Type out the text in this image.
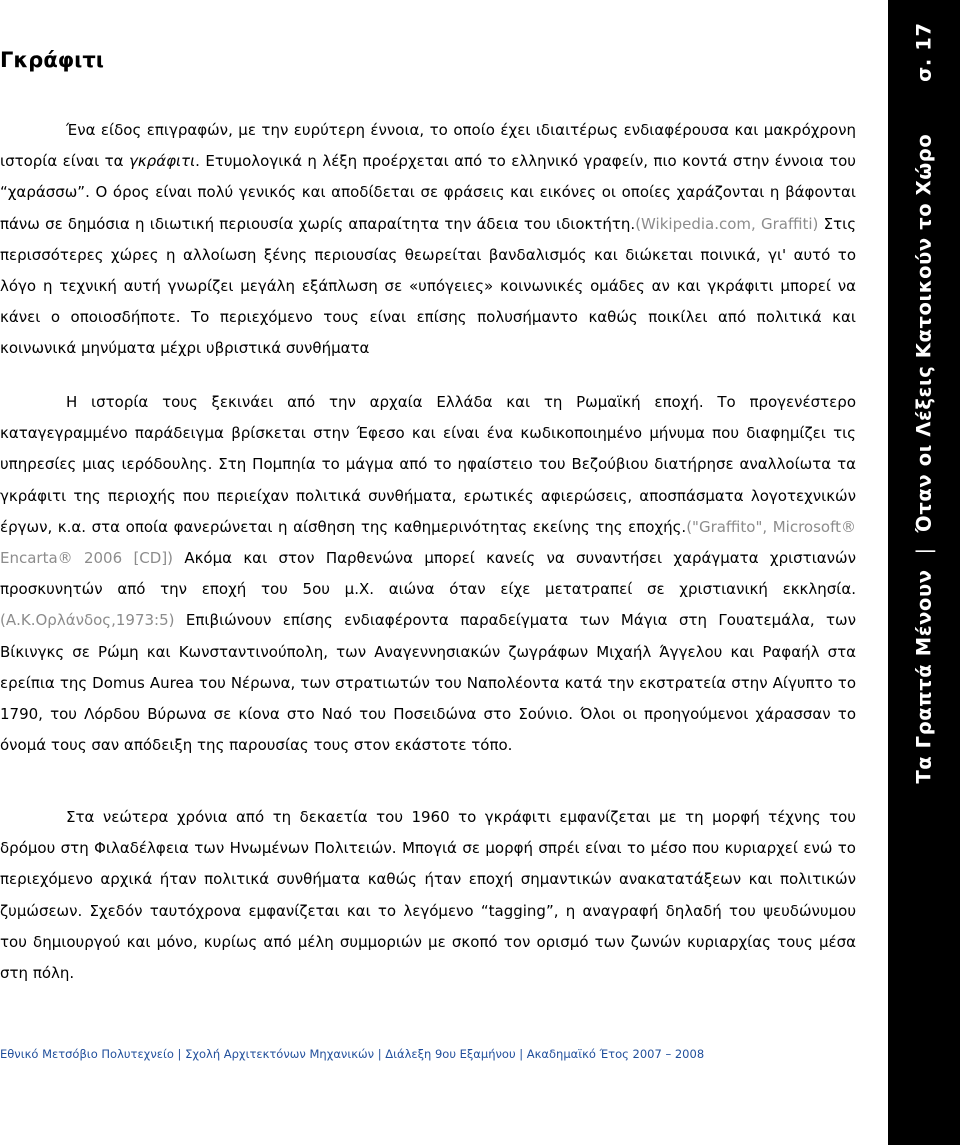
Γκράφιτι

Ένα είδος επιγραφών, με την ευρύτερη έννοια, το οποίο έχει ιδιαιτέρως ενδιαφέρουσα και μακρόχρονη ιστορία είναι τα γκράφιτι. Ετυμολογικά η λέξη προέρχεται από το ελληνικό γραφείν, πιο κοντά στην έννοια του “χαράσσω”. Ο όρος είναι πολύ γενικός και αποδίδεται σε φράσεις και εικόνες οι οποίες χαράζονται η βάφονται πάνω σε δημόσια η ιδιωτική περιουσία χωρίς απαραίτητα την άδεια του ιδιοκτήτη.(Wikipedia.com, Graffiti) Στις περισσότερες χώρες η αλλοίωση ξένης περιουσίας θεωρείται βανδαλισμός και διώκεται ποινικά, γι' αυτό το λόγο η τεχνική αυτή γνωρίζει μεγάλη εξάπλωση σε «υπόγειες» κοινωνικές ομάδες αν και γκράφιτι μπορεί να κάνει ο οποιοσδήποτε. Το περιεχόμενο τους είναι επίσης πολυσήμαντο καθώς ποικίλει από πολιτικά και κοινωνικά μηνύματα μέχρι υβριστικά συνθήματα

Η ιστορία τους ξεκινάει από την αρχαία Ελλάδα και τη Ρωμαϊκή εποχή. Το προγενέστερο καταγεγραμμένο παράδειγμα βρίσκεται στην Έφεσο και είναι ένα κωδικοποιημένο μήνυμα που διαφημίζει τις υπηρεσίες μιας ιερόδουλης. Στη Πομπηία το μάγμα από το ηφαίστειο του Βεζούβιου διατήρησε αναλλοίωτα τα γκράφιτι της περιοχής που περιείχαν πολιτικά συνθήματα, ερωτικές αφιερώσεις, αποσπάσματα λογοτεχνικών έργων, κ.α. στα οποία φανερώνεται η αίσθηση της καθημερινότητας εκείνης της εποχής.("Graffito", Microsoft® Encarta® 2006 [CD]) Ακόμα και στον Παρθενώνα μπορεί κανείς να συναντήσει χαράγματα χριστιανών προσκυνητών από την εποχή του 5ου μ.Χ. αιώνα όταν είχε μετατραπεί σε χριστιανική εκκλησία.(Α.Κ.Ορλάνδος,1973:5) Επιβιώνουν επίσης ενδιαφέροντα παραδείγματα των Μάγια στη Γουατεμάλα, των Βίκινγκς σε Ρώμη και Κωνσταντινούπολη, των Αναγεννησιακών ζωγράφων Μιχαήλ Άγγελου και Ραφαήλ στα ερείπια της Domus Aurea του Νέρωνα, των στρατιωτών του Ναπολέοντα κατά την εκστρατεία στην Αίγυπτο το 1790, του Λόρδου Βύρωνα σε κίονα στο Ναό του Ποσειδώνα στο Σούνιο. Όλοι οι προηγούμενοι χάρασσαν το όνομά τους σαν απόδειξη της παρουσίας τους στον εκάστοτε τόπο.

Στα νεώτερα χρόνια από τη δεκαετία του 1960 το γκράφιτι εμφανίζεται με τη μορφή τέχνης του δρόμου στη Φιλαδέλφεια των Ηνωμένων Πολιτειών. Μπογιά σε μορφή σπρέι είναι το μέσο που κυριαρχεί ενώ το περιεχόμενο αρχικά ήταν πολιτικά συνθήματα καθώς ήταν εποχή σημαντικών ανακατατάξεων και πολιτικών ζυμώσεων. Σχεδόν ταυτόχρονα εμφανίζεται και το λεγόμενο “tagging”, η αναγραφή δηλαδή του ψευδώνυμου του δημιουργού και μόνο, κυρίως από μέλη συμμοριών με σκοπό τον ορισμό των ζωνών κυριαρχίας τους μέσα στη πόλη.

Εθνικό Μετσόβιο Πολυτεχνείο | Σχολή Αρχιτεκτόνων Μηχανικών | Διάλεξη 9ου Εξαμήνου | Ακαδημαϊκό Έτος 2007 – 2008
Τα Γραπτά Μένουν  |  Όταν οι Λέξεις Κατοικούν το Χώρο       σ. 17
